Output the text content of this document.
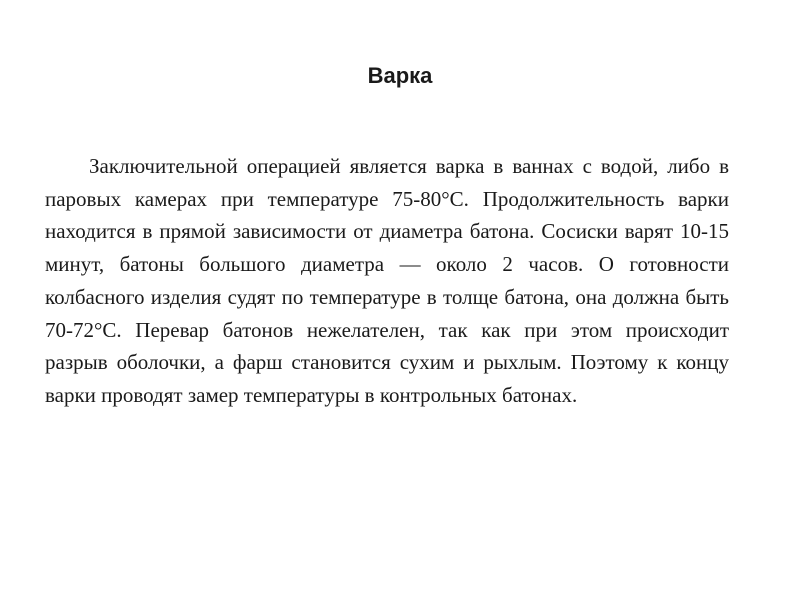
Варка

Заключительной операцией является варка в ваннах с водой, либо в паровых камерах при температуре 75-80°С. Продолжительность варки находится в прямой зависимости от диаметра батона. Сосиски варят 10-15 минут, батоны большого диаметра — около 2 часов. О готовности колбасного изделия судят по температуре в толще батона, она должна быть 70-72°С. Перевар батонов нежелателен, так как при этом происходит разрыв оболочки, а фарш становится сухим и рыхлым. Поэтому к концу варки проводят замер температуры в контрольных батонах.
